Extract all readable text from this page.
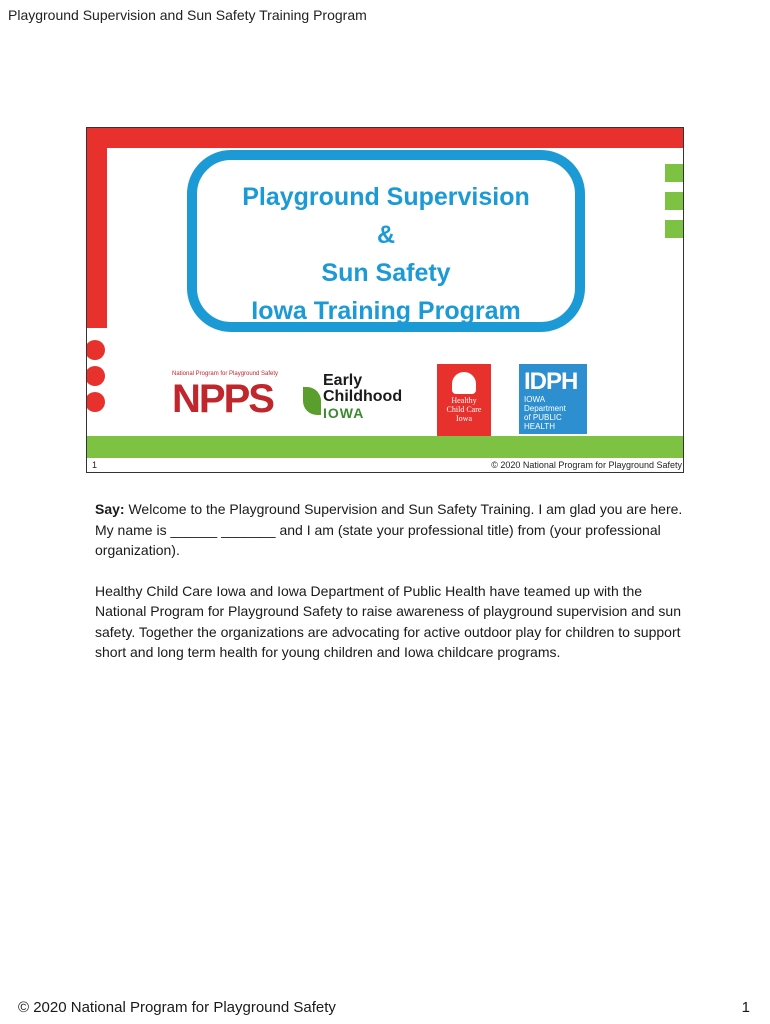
Playground Supervision and Sun Safety Training Program
Playground Supervision
&
Sun Safety
Iowa Training Program
National Program for Playground Safety
NPPS	Early
Childhood
IOWA
Healthy
Child Care
Iowa
IDPH
IOWA Department
of PUBLIC HEALTH
1	© 2020 National Program for Playground Safety

Say: Welcome to the Playground Supervision and Sun Safety Training. I am glad you are here. My name is ______ _______ and I am (state your professional title) from (your professional organization).

Healthy Child Care Iowa and Iowa Department of Public Health have teamed up with the National Program for Playground Safety to raise awareness of playground supervision and sun safety. Together the organizations are advocating for active outdoor play for children to support short and long term health for young children and Iowa childcare programs.

© 2020 National Program for Playground Safety	1
